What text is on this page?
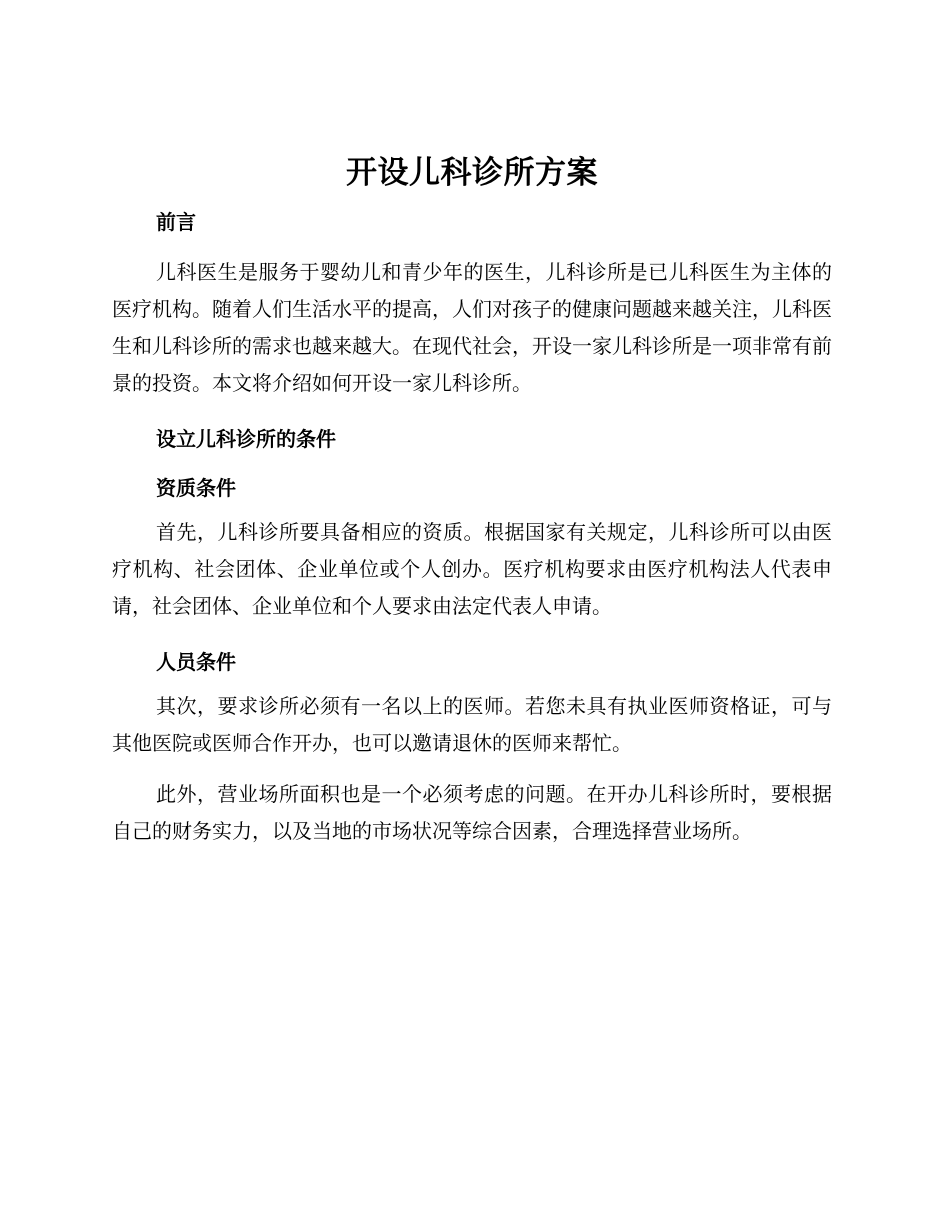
开设儿科诊所方案
前言

儿科医生是服务于婴幼儿和青少年的医生，儿科诊所是已儿科医生为主体的医疗机构。随着人们生活水平的提高，人们对孩子的健康问题越来越关注，儿科医生和儿科诊所的需求也越来越大。在现代社会，开设一家儿科诊所是一项非常有前景的投资。本文将介绍如何开设一家儿科诊所。

设立儿科诊所的条件
资质条件

首先，儿科诊所要具备相应的资质。根据国家有关规定，儿科诊所可以由医疗机构、社会团体、企业单位或个人创办。医疗机构要求由医疗机构法人代表申请，社会团体、企业单位和个人要求由法定代表人申请。

人员条件

其次，要求诊所必须有一名以上的医师。若您未具有执业医师资格证，可与其他医院或医师合作开办，也可以邀请退休的医师来帮忙。

此外，营业场所面积也是一个必须考虑的问题。在开办儿科诊所时，要根据自己的财务实力，以及当地的市场状况等综合因素，合理选择营业场所。
